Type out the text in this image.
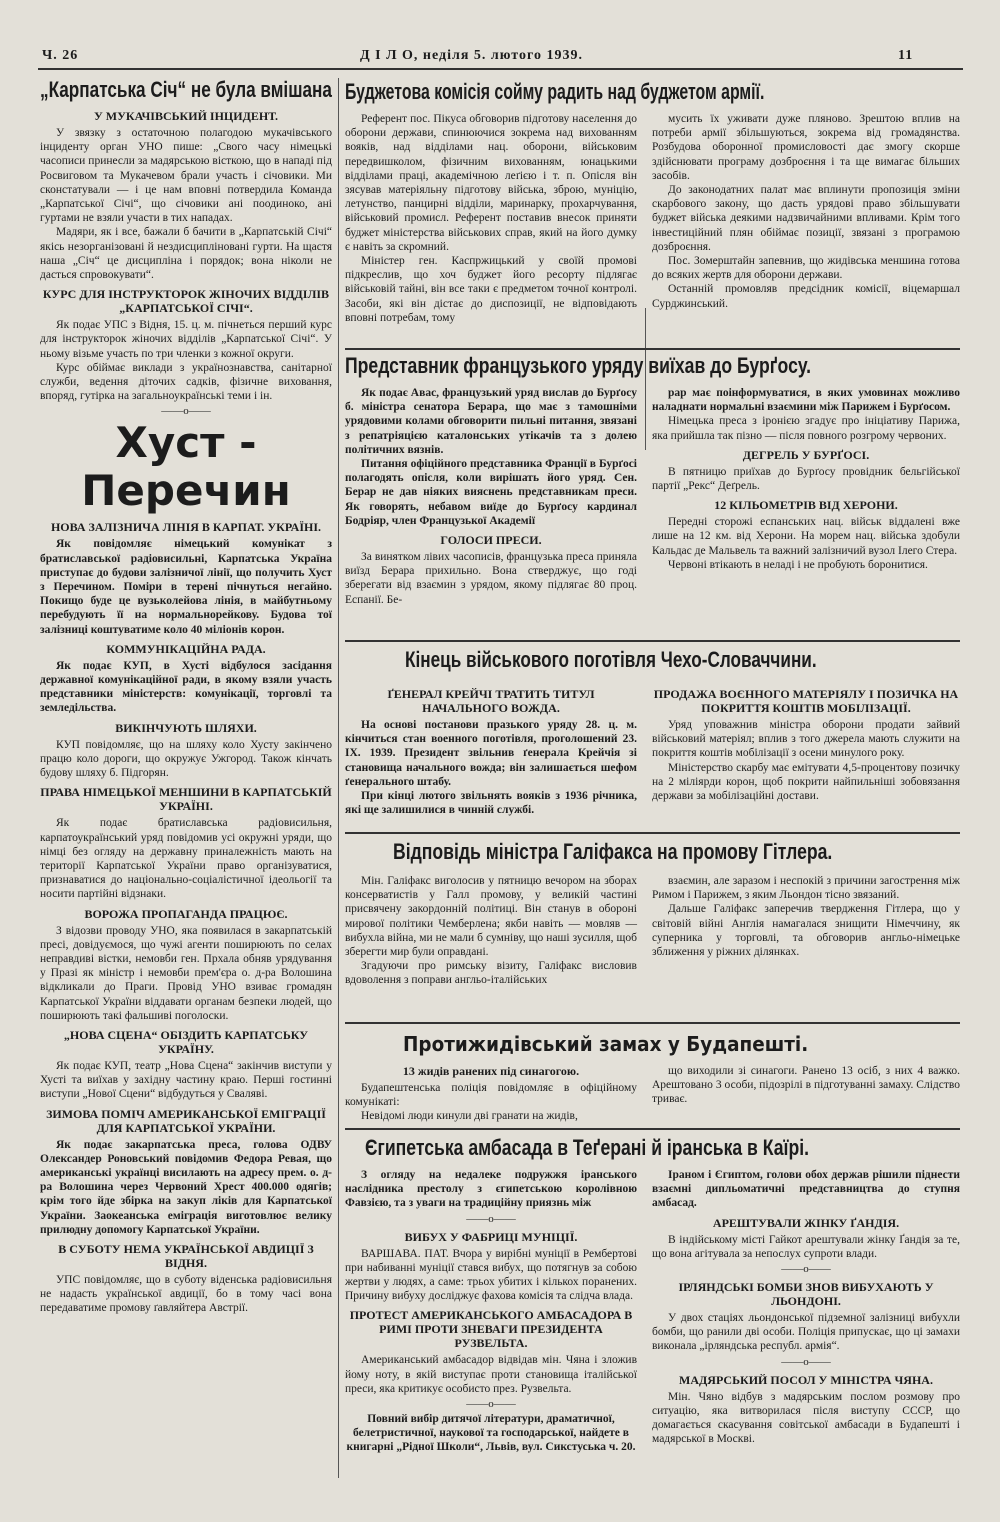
Ч. 26	Д І Л О, неділя 5. лютого 1939.	11
„Карпатська Січ“ не була вмішана
У МУКАЧІВСЬКИЙ ІНЦИДЕНТ.

У звязку з остаточною полагодою мукачівського інциденту орган УНО пише: „Свого часу німецькі часописи принесли за мадярською вісткою, що в нападі під Росвиговом та Мукачевом брали участь і січовики. Ми сконстатували — і це нам вповні потвердила Команда „Карпатської Січі“, що січовики ані поодиноко, ані гуртами не взяли участи в тих нападах.

Мадяри, як і все, бажали б бачити в „Карпатській Січі“ якісь незорганізовані й нездисципліновані гурти. На щастя наша „Січ“ це дисципліна і порядок; вона ніколи не дасться спровокувати“.

КУРС ДЛЯ ІНСТРУКТОРОК ЖІНОЧИХ ВІДДІЛІВ „КАРПАТСЬКОЇ СІЧІ“.

Як подає УПС з Відня, 15. ц. м. пічнеться перший курс для інструкторок жіночих відділів „Карпатської Січі“. У ньому візьме участь по три членки з кожної округи.

Курс обіймає виклади з українознавства, санітарної служби, ведення діточих садків, фізичне виховання, впоряд, гутірка на загальноукраїнські теми і ін.

——o——
Хуст - Перечин
НОВА ЗАЛІЗНИЧА ЛІНІЯ В КАРПАТ. УКРАЇНІ.

Як повідомляє німецький комунікат з братиславської радіовисильні, Карпатська Україна приступає до будови залізничої лінії, що получить Хуст з Перечином. Поміри в терені пічнуться негайно. Покищо буде це вузьколейова лінія, в майбутньому перебудують її на нормальнорейкову. Будова тої залізниці коштуватиме коло 40 міліонів корон.

КОММУНІКАЦІЙНА РАДА.

Як подає КУП, в Хусті відбулося засідання державної комунікаційної ради, в якому взяли участь представники міністерств: комунікації, торговлі та земледільства.

ВИКІНЧУЮТЬ ШЛЯХИ.

КУП повідомляє, що на шляху коло Хусту закінчено працю коло дороги, що окружує Ужгород. Також кінчать будову шляху б. Підгорян.

ПРАВА НІМЕЦЬКОЇ МЕНШИНИ В КАРПАТСЬКІЙ УКРАЇНІ.

Як подає братиславська радіовисильня, карпатоукраїнський уряд повідомив усі окружні уряди, що німці без огляду на державну приналежність мають на території Карпатської України право організуватися, признаватися до національно-соціалістичної ідеольогії та носити партійні відзнаки.

ВОРОЖА ПРОПАГАНДА ПРАЦЮЄ.

З відозви проводу УНО, яка появилася в закарпатській пресі, довідуємося, що чужі агенти поширюють по селах неправдиві вістки, немовби ген. Прхала обняв урядування у Празі як міністр і немовби прем'єра о. д-ра Волошина відкликали до Праги. Провід УНО взиває громадян Карпатської України віддавати органам безпеки людей, що поширюють такі фальшиві поголоски.

„НОВА СЦЕНА“ ОБІЗДИТЬ КАРПАТСЬКУ УКРАЇНУ.

Як подає КУП, театр „Нова Сцена“ закінчив виступи у Хусті та виїхав у західну частину краю. Перші гостинні виступи „Нової Сцени“ відбудуться у Сваляві.

ЗИМОВА ПОМІЧ АМЕРИКАНСЬКОЇ ЕМІГРАЦІЇ ДЛЯ КАРПАТСЬКОЇ УКРАЇНИ.

Як подає закарпатська преса, голова ОДВУ Олександер Роновський повідомив Федора Ревая, що американські українці висилають на адресу прем. о. д-ра Волошина через Червоний Хрест 400.000 одягів; крім того йде збірка на закуп ліків для Карпатської України. Заокеанська еміграція виготовлює велику прилюдну допомогу Карпатської України.

В СУБОТУ НЕМА УКРАЇНСЬКОЇ АВДИЦІЇ З ВІДНЯ.

УПС повідомляє, що в суботу віденська радіовисильня не надасть української авдиції, бо в тому часі вона передаватиме промову ґавляйтера Австрії.

Буджетова комісія сойму радить над буджетом армії.

Референт пос. Пікуса обговорив підготову населення до оборони держави, спинюючися зокрема над вихованням вояків, над відділами нац. оборони, військовим передвишколом, фізичним вихованням, юнацькими відділами праці, академічною леґією і т. п. Опісля він зясував матеріяльну підготову війська, зброю, муніцію, летунство, панцирні відділи, маринарку, прохарчування, військовий промисл. Референт поставив внесок приняти буджет міністерства військових справ, який на його думку є навіть за скромний.

Міністер ген. Каспржицький у своїй промові підкреслив, що хоч буджет його ресорту підлягає військовій тайні, він все таки є предметом точної контролі. Засоби, які він дістає до диспозиції, не відповідають вповні потребам, тому

мусить їх уживати дуже пляново. Зрештою вплив на потреби армії збільшуються, зокрема від громадянства. Розбудова оборонної промисловості дає змогу скорше здійснювати програму дозброєння і та ще вимагає більших засобів.

До законодатних палат має вплинути пропозиція зміни скарбового закону, що дасть урядові право збільшувати буджет війська деякими надзвичайними впливами. Крім того інвестиційний плян обіймає позиції, звязані з програмою дозброєння.

Пос. Зомерштайн запевнив, що жидівська меншина готова до всяких жертв для оборони держави.

Останній промовляв предсідник комісії, віцемаршал Сурджинський.

Представник французького уряду виїхав до Бурґосу.

Як подає Авас, французький уряд вислав до Бурґосу б. міністра сенатора Берара, що має з тамошніми урядовими колами обговорити пильні питання, звязані з репатріяцією каталонських утікачів та з долею політичних вязнів.

Питання офіційного представника Франції в Бурґосі полагодять опісля, коли вирішать його уряд. Сен. Берар не дав ніяких вияснень представникам преси. Як говорять, небавом виїде до Бурґосу кардинал Бодріяр, член Французької Академії

ГОЛОСИ ПРЕСИ.

За винятком лівих часописів, французька преса приняла виїзд Берара прихильно. Вона стверджує, що годі зберегати від взаємин з урядом, якому підлягає 80 проц. Еспанії. Бе-

рар має поінформуватися, в яких умовинах можливо наладнати нормальні взаємини між Парижем і Бурґосом.

Німецька преса з іронією згадує про ініціативу Парижа, яка прийшла так пізно — після повного розгрому червоних.

ДЕГРЕЛЬ У БУРҐОСІ.

В пятницю приїхав до Бурґосу провідник бельгійської партії „Рекс“ Деґрель.

12 КІЛЬОМЕТРІВ ВІД ХЕРОНИ.

Передні сторожі еспанських нац. військ віддалені вже лише на 12 км. від Херони. На морем нац. війська здобули Кальдас де Мальвель та важний залізничий вузол Ілего Стера.

Червоні втікають в неладі і не пробують боронитися.

Кінець військового поготівля Чехо-Словаччини.
ҐЕНЕРАЛ КРЕЙЧІ ТРАТИТЬ ТИТУЛ НАЧАЛЬНОГО ВОЖДА.

На основі постанови празького уряду 28. ц. м. кінчиться стан военного поготівля, проголошений 23. IX. 1939. Президент звільнив ґенерала Крейчія зі становища начального вожда; він залишається шефом ґенерального штабу.

При кінці лютого звільнять вояків з 1936 річника, які ще залишилися в чинній службі.

ПРОДАЖА ВОЄННОГО МАТЕРІЯЛУ І ПОЗИЧКА НА ПОКРИТТЯ КОШТІВ МОБІЛІЗАЦІЇ.

Уряд уповажнив міністра оборони продати зайвий військовий матеріял; вплив з того джерела мають служити на покриття коштів мобілізації з осени минулого року.

Міністерство скарбу має емітувати 4,5-процентову позичку на 2 міліярди корон, щоб покрити найпильніші зобовязання держави за мобілізаційні достави.

Відповідь міністра Галіфакса на промову Гітлера.

Мін. Галіфакс виголосив у пятницю вечором на зборах консерватистів у Галл промову, у великій частині присвячену закордонній політиці. Він станув в обороні мирової політики Чемберлена; якби навіть — мовляв — вибухла війна, ми не мали б сумніву, що наші зусилля, щоб зберегти мир були оправдані.

Згадуючи про римську візиту, Галіфакс висловив вдоволення з поправи англьо-італійських

взаємин, але заразом і неспокій з причини загострення між Римом і Парижем, з яким Льондон тісно звязаний.

Дальше Галіфакс заперечив твердження Гітлера, що у світовій війні Англія намагалася знищити Німеччину, як суперника у торговлі, та обговорив англьо-німецьке зближення у ріжних ділянках.

Протижидівський замах у Будапешті.
13 жидів ранених під синагогою.

Будапештенська поліція повідомляє в офіційному комунікаті:

Невідомі люди кинули дві гранати на жидів,

що виходили зі синагоги. Ранено 13 осіб, з них 4 важко. Арештовано 3 особи, підозрілі в підготуванні замаху. Слідство триває.

Єгипетська амбасада в Теґерані й іранська в Каїрі.

З огляду на недалеке подружжя іранського наслідника престолу з єгипетською королівною Фавзією, та з уваги на традиційну приязнь між

——o——
ВИБУХ У ФАБРИЦІ МУНІЦІЇ.

ВАРШАВА. ПАТ. Вчора у вирібні муніції в Рембертові при набиванні муніції стався вибух, що потягнув за собою жертви у людях, а саме: трьох убитих і кількох поранених. Причину вибуху досліджує фахова комісія та слідча влада.

ПРОТЕСТ АМЕРИКАНСЬКОГО АМБАСАДОРА В РИМІ ПРОТИ ЗНЕВАГИ ПРЕЗИДЕНТА РУЗВЕЛЬТА.

Американський амбасадор відвідав мін. Чяна і зложив йому ноту, в якій виступає проти становища італійської преси, яка критикує особисто през. Рузвельта.

——o——

Повний вибір дитячої літератури, драматичної, белетристичної, наукової та господарської, найдете в книгарні „Рідної Школи“, Львів, вул. Сикстуська ч. 20.

Іраном і Єгиптом, голови обох держав рішили піднести взаємні дипльоматичні представництва до ступня амбасад.

АРЕШТУВАЛИ ЖІНКУ ҐАНДІЯ.

В індійському місті Гайкот арештували жінку Ґандія за те, що вона агітувала за непослух супроти влади.

——o——
ІРЛЯНДСЬКІ БОМБИ ЗНОВ ВИБУХАЮТЬ У ЛЬОНДОНІ.

У двох стаціях льондонської підземної залізниці вибухли бомби, що ранили дві особи. Поліція припускає, що ці замахи виконала „ірляндська республ. армія“.

——o——
МАДЯРСЬКИЙ ПОСОЛ У МІНІСТРА ЧЯНА.

Мін. Чяно відбув з мадярським послом розмову про ситуацію, яка витворилася після виступу СССР, що домагається скасування совітської амбасади в Будапешті і мадярської в Москві.
